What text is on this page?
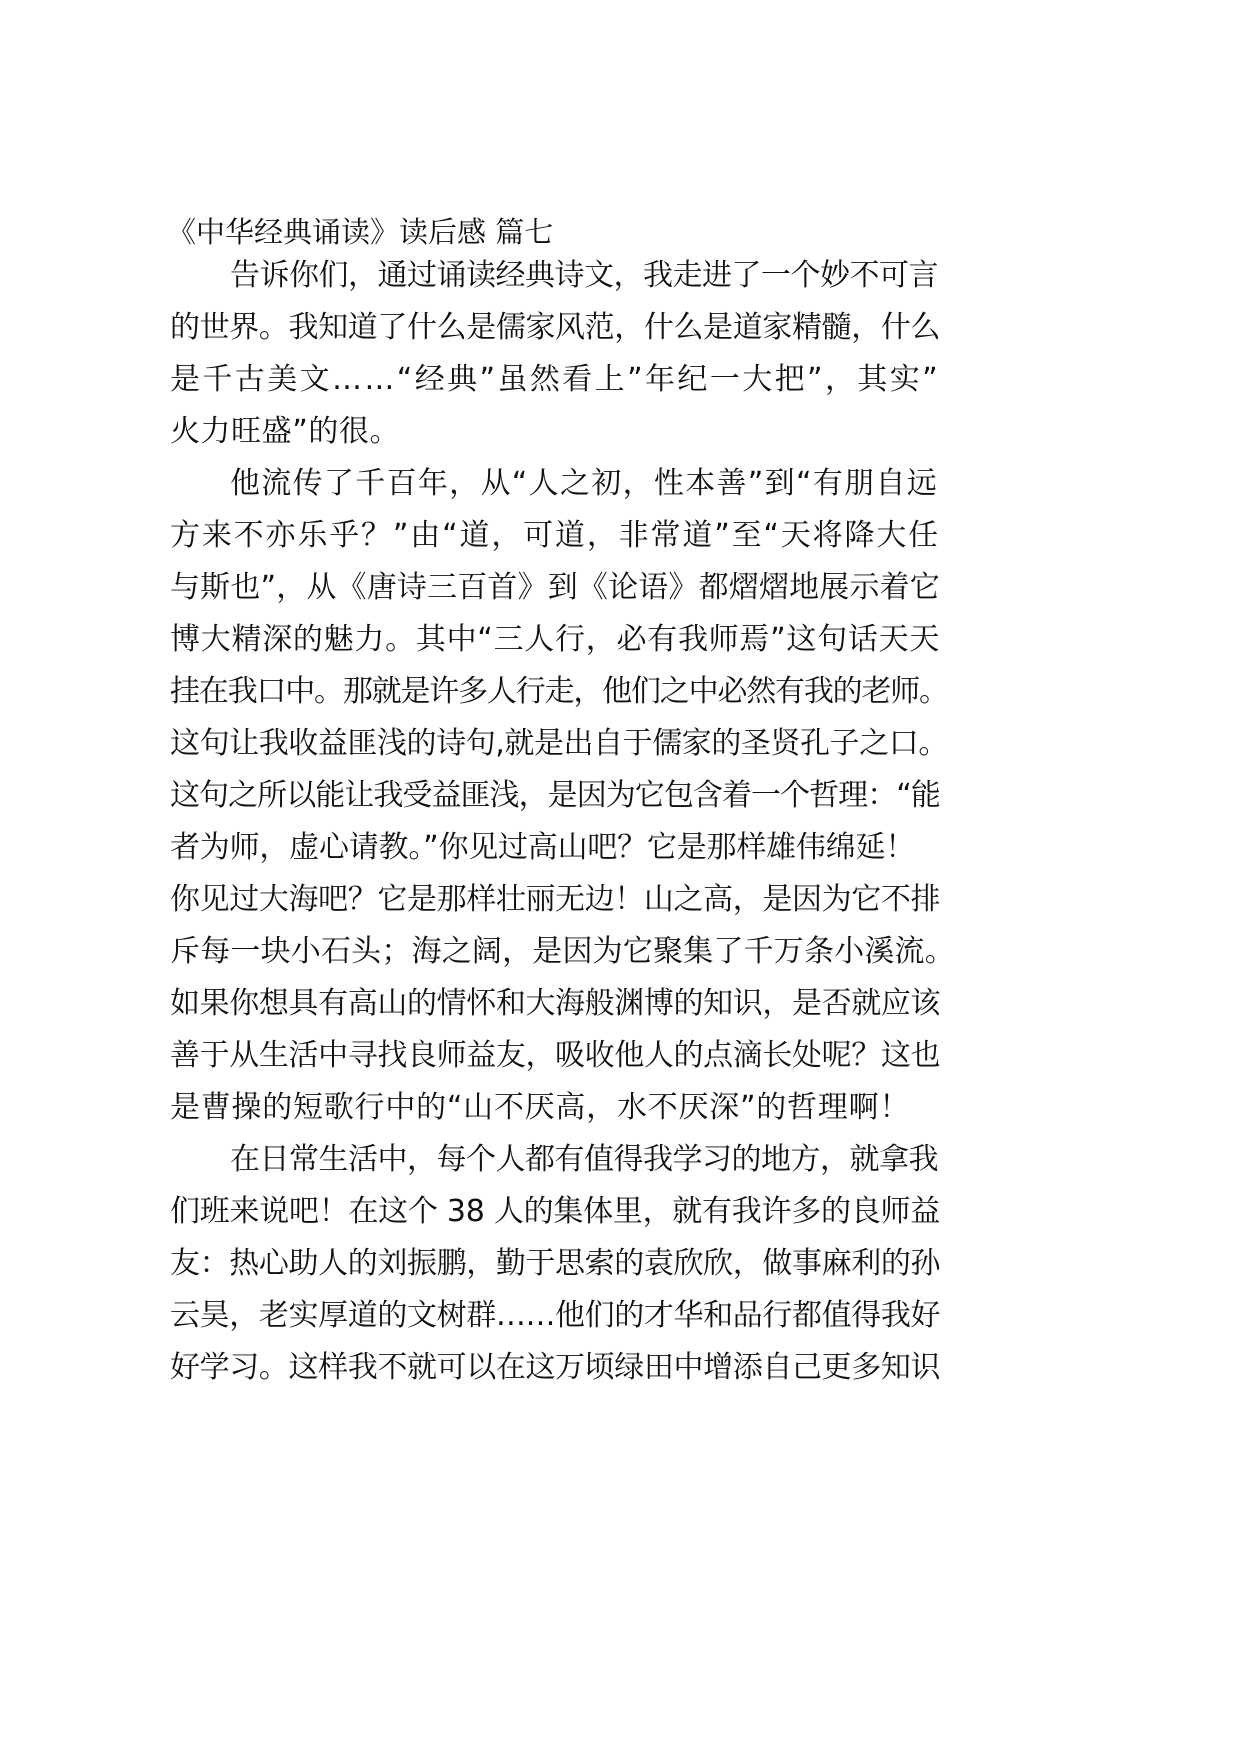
《中华经典诵读》读后感 篇七
告诉你们，通过诵读经典诗文，我走进了一个妙不可言
的世界。我知道了什么是儒家风范，什么是道家精髓，什么
是千古美文……“经典”虽然看上”年纪一大把”，其实”
火力旺盛”的很。
他流传了千百年，从“人之初，性本善”到“有朋自远
方来不亦乐乎？”由“道，可道，非常道”至“天将降大任
与斯也”，从《唐诗三百首》到《论语》都熠熠地展示着它
博大精深的魅力。其中“三人行，必有我师焉”这句话天天
挂在我口中。那就是许多人行走，他们之中必然有我的老师。
这句让我收益匪浅的诗句,就是出自于儒家的圣贤孔子之口。
这句之所以能让我受益匪浅，是因为它包含着一个哲理：“能
者为师，虚心请教。”你见过高山吧？它是那样雄伟绵延！
你见过大海吧？它是那样壮丽无边！山之高，是因为它不排
斥每一块小石头；海之阔，是因为它聚集了千万条小溪流。
如果你想具有高山的情怀和大海般渊博的知识，是否就应该
善于从生活中寻找良师益友，吸收他人的点滴长处呢？这也
是曹操的短歌行中的“山不厌高，水不厌深”的哲理啊！
在日常生活中，每个人都有值得我学习的地方，就拿我
们班来说吧！在这个 38 人的集体里，就有我许多的良师益
友：热心助人的刘振鹏，勤于思索的袁欣欣，做事麻利的孙
云昊，老实厚道的文树群……他们的才华和品行都值得我好
好学习。这样我不就可以在这万顷绿田中增添自己更多知识
